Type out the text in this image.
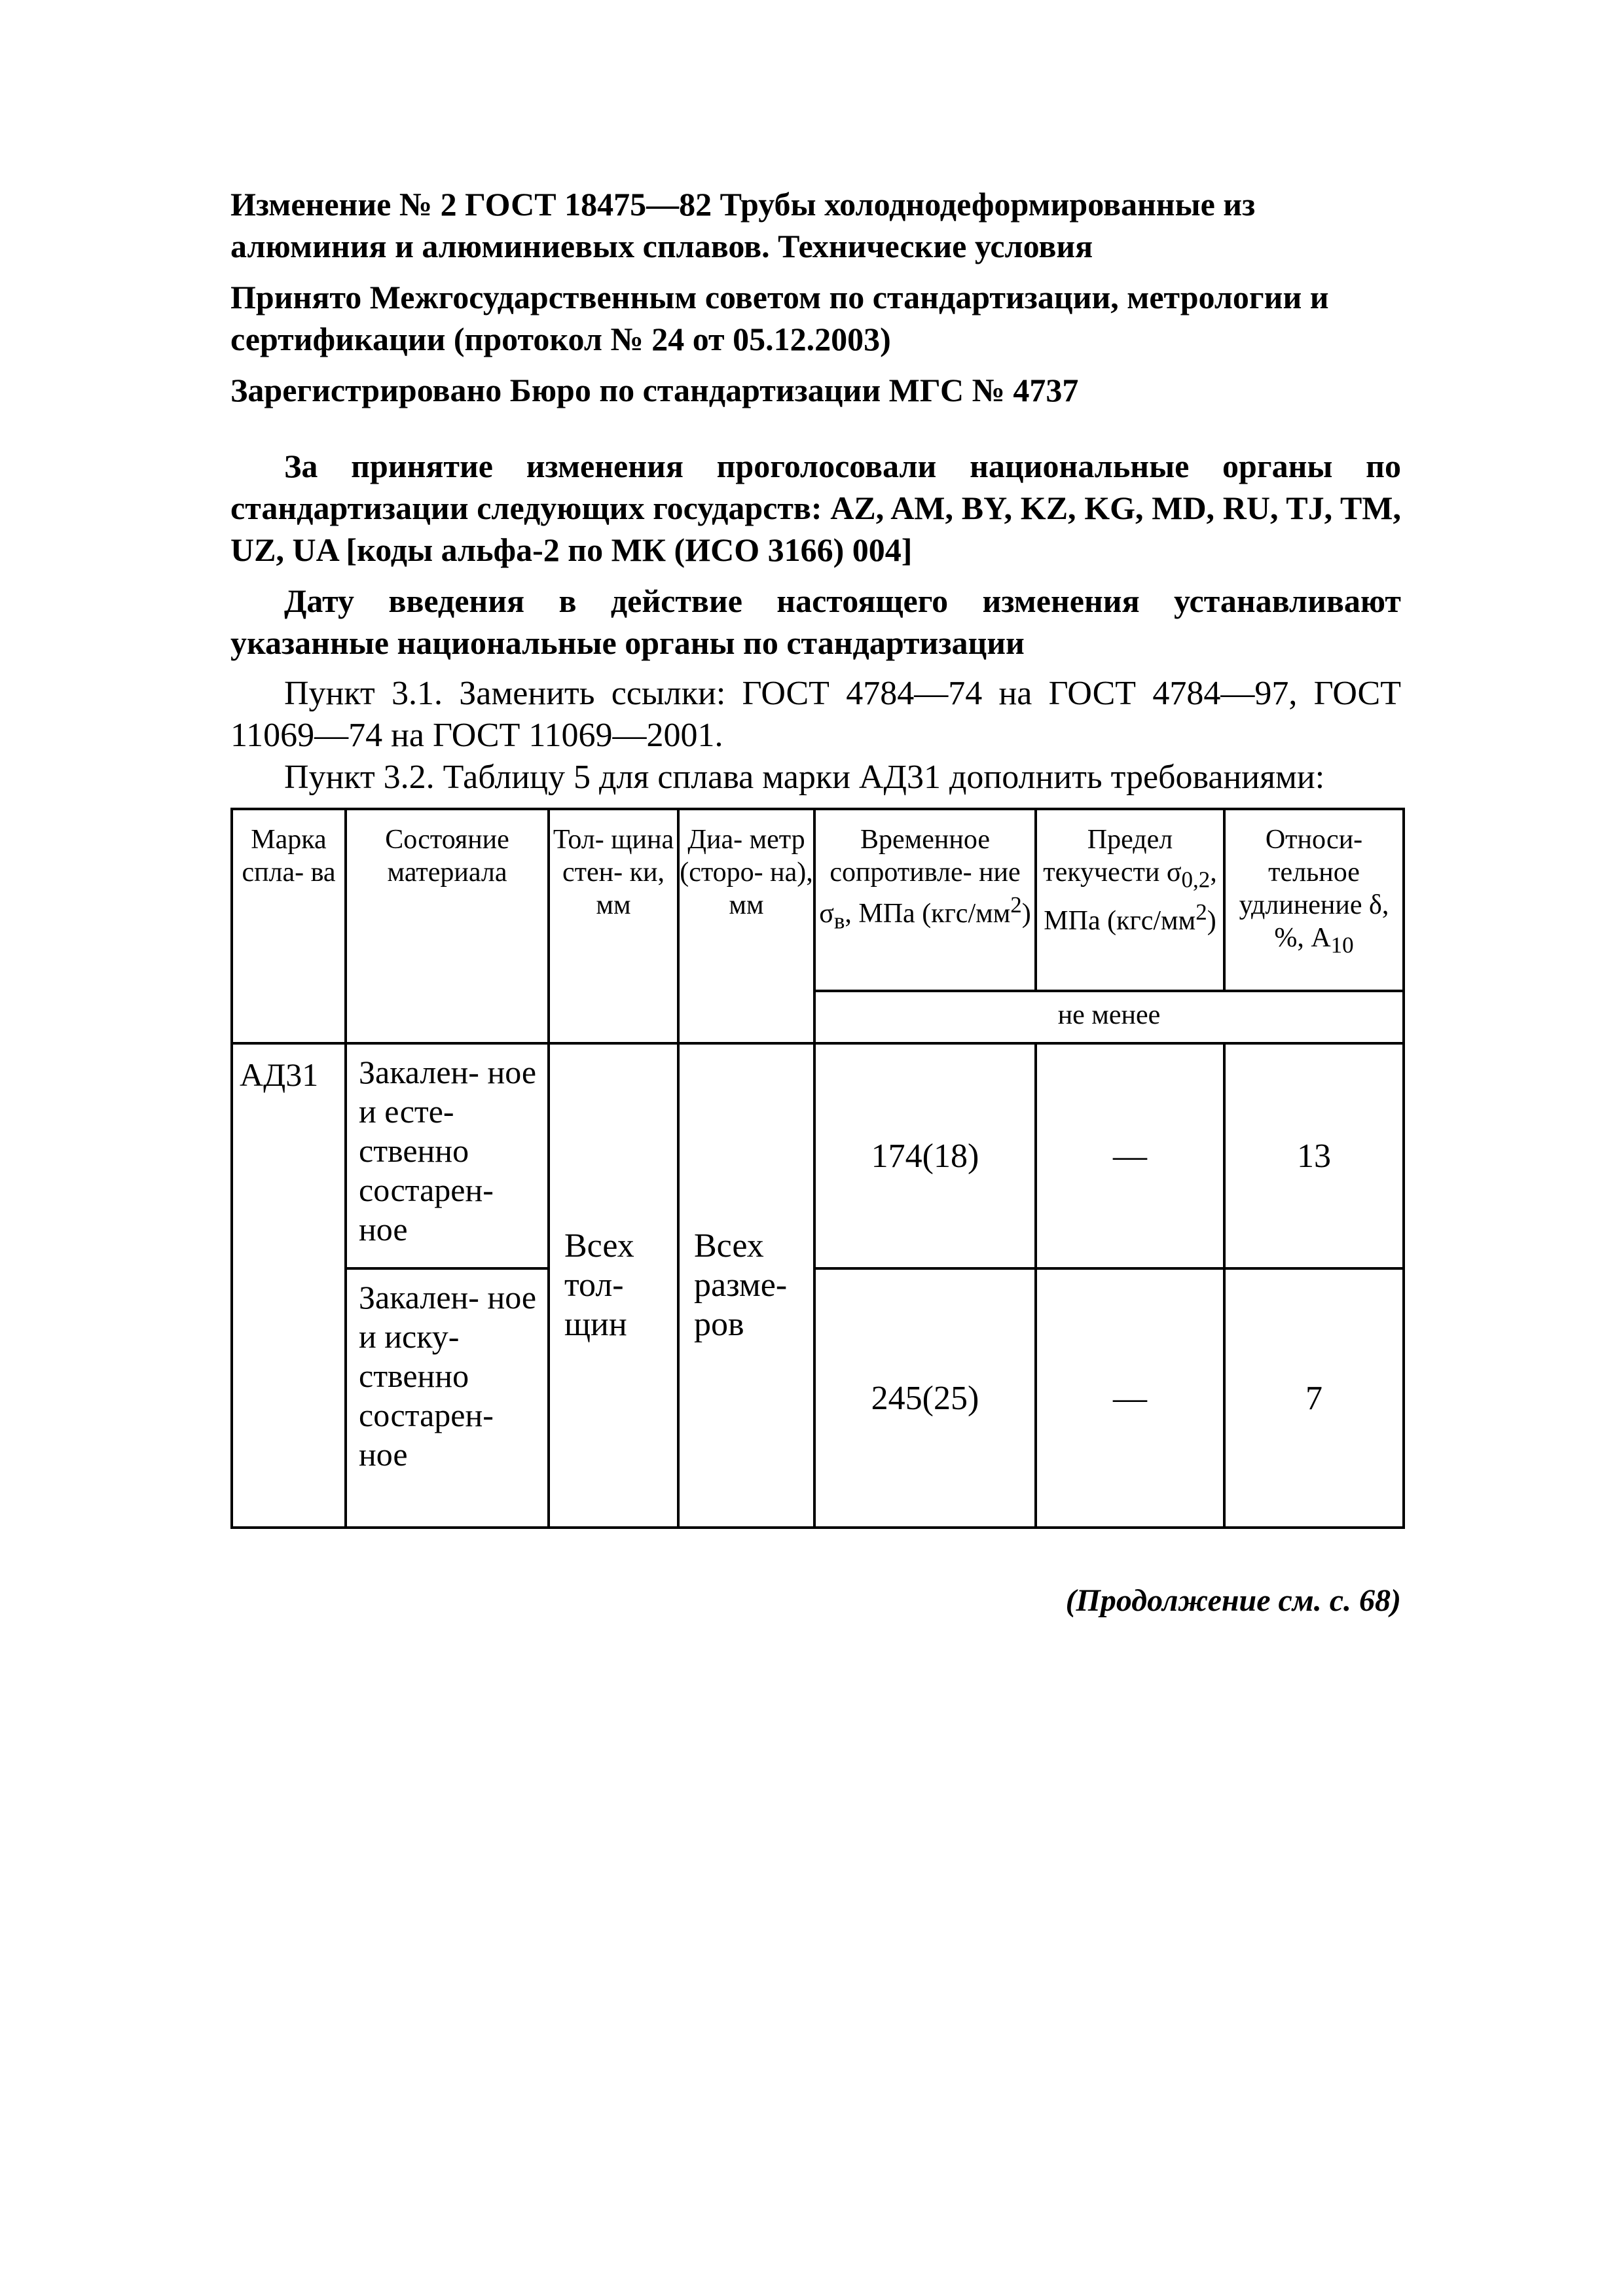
Изменение № 2 ГОСТ 18475—82 Трубы холоднодеформированные из алюминия и алюминиевых сплавов. Технические условия

Принято Межгосударственным советом по стандартизации, метрологии и сертификации (протокол № 24 от 05.12.2003)

Зарегистрировано Бюро по стандартизации МГС № 4737

За принятие изменения проголосовали национальные органы по стандартизации следующих государств: AZ, AM, BY, KZ, KG, MD, RU, TJ, TM, UZ, UA [коды альфа-2 по МК (ИСО 3166) 004]

Дату введения в действие настоящего изменения устанавливают указанные национальные органы по стандартизации

Пункт 3.1. Заменить ссылки: ГОСТ 4784—74 на ГОСТ 4784—97, ГОСТ 11069—74 на ГОСТ 11069—2001.

Пункт 3.2. Таблицу 5 для сплава марки АД31 дополнить требованиями:

Марка спла- ва	Состояние материала	Тол- щина стен- ки, мм	Диа- метр (сторо- на), мм	Временное сопротивле- ние $\sigma_в$, МПа $(кгс/мм^2)$	Предел текучести $\sigma_{0,2}$, МПа $(кгс/мм^2)$	Относи- тельное удлинение δ, %, $А_{10}$
				не менее		
АД31	Закален- ное и есте- ственно состарен- ное	Всех тол- щин	Всех разме- ров	174(18)	—	13
	Закален- ное и иску- ственно состарен- ное			245(25)	—	7
(Продолжение см. с. 68)
